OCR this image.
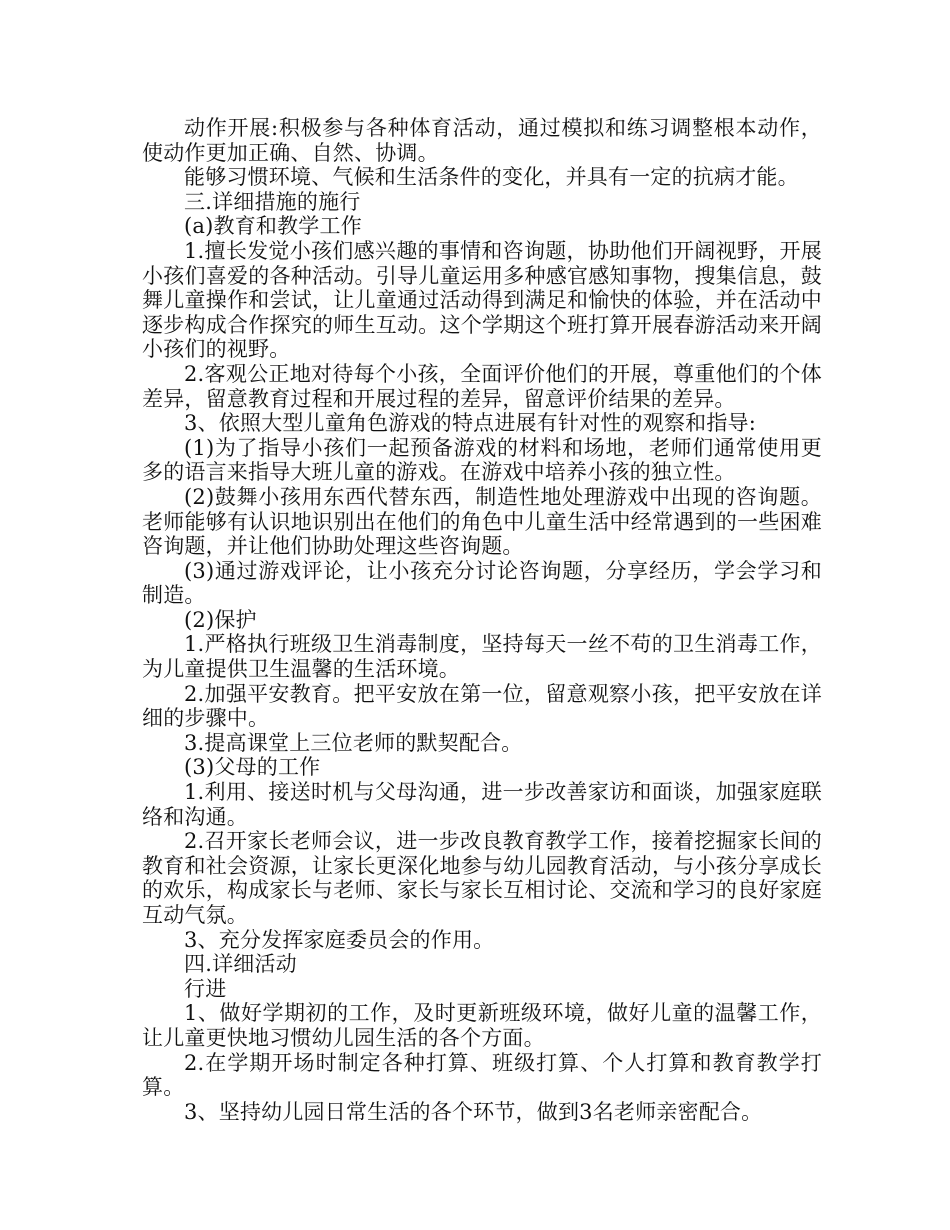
动作开展:积极参与各种体育活动，通过模拟和练习调整根本动作，使动作更加正确、自然、协调。

能够习惯环境、气候和生活条件的变化，并具有一定的抗病才能。

三.详细措施的施行

(a)教育和教学工作

1.擅长发觉小孩们感兴趣的事情和咨询题，协助他们开阔视野，开展小孩们喜爱的各种活动。引导儿童运用多种感官感知事物，搜集信息，鼓舞儿童操作和尝试，让儿童通过活动得到满足和愉快的体验，并在活动中逐步构成合作探究的师生互动。这个学期这个班打算开展春游活动来开阔小孩们的视野。

2.客观公正地对待每个小孩，全面评价他们的开展，尊重他们的个体差异，留意教育过程和开展过程的差异，留意评价结果的差异。

3、依照大型儿童角色游戏的特点进展有针对性的观察和指导:

(1)为了指导小孩们一起预备游戏的材料和场地，老师们通常使用更多的语言来指导大班儿童的游戏。在游戏中培养小孩的独立性。

(2)鼓舞小孩用东西代替东西，制造性地处理游戏中出现的咨询题。老师能够有认识地识别出在他们的角色中儿童生活中经常遇到的一些困难咨询题，并让他们协助处理这些咨询题。

(3)通过游戏评论，让小孩充分讨论咨询题，分享经历，学会学习和制造。

(2)保护

1.严格执行班级卫生消毒制度，坚持每天一丝不苟的卫生消毒工作，为儿童提供卫生温馨的生活环境。

2.加强平安教育。把平安放在第一位，留意观察小孩，把平安放在详细的步骤中。

3.提高课堂上三位老师的默契配合。

(3)父母的工作

1.利用、接送时机与父母沟通，进一步改善家访和面谈，加强家庭联络和沟通。

2.召开家长老师会议，进一步改良教育教学工作，接着挖掘家长间的教育和社会资源，让家长更深化地参与幼儿园教育活动，与小孩分享成长的欢乐，构成家长与老师、家长与家长互相讨论、交流和学习的良好家庭互动气氛。

3、充分发挥家庭委员会的作用。

四.详细活动

行进

1、做好学期初的工作，及时更新班级环境，做好儿童的温馨工作，让儿童更快地习惯幼儿园生活的各个方面。

2.在学期开场时制定各种打算、班级打算、个人打算和教育教学打算。

3、坚持幼儿园日常生活的各个环节，做到3名老师亲密配合。
